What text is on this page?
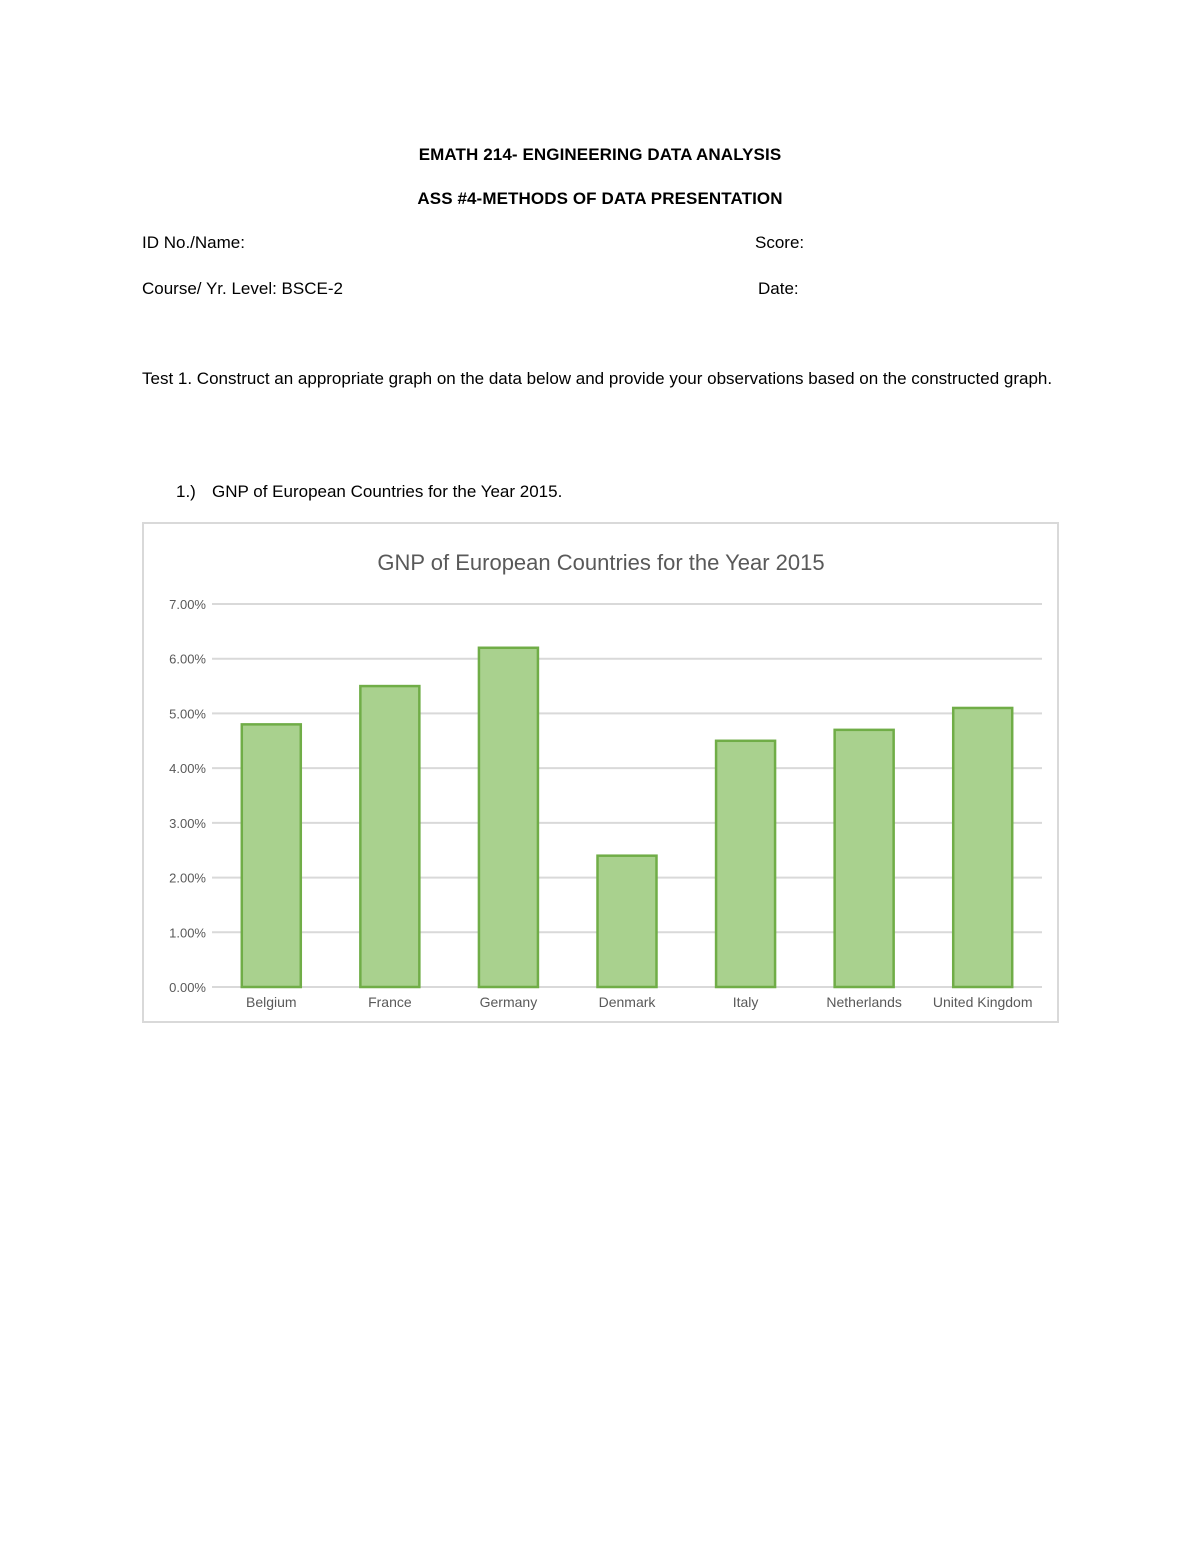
EMATH 214- ENGINEERING DATA ANALYSIS
ASS #4-METHODS OF DATA PRESENTATION
ID No./Name:	Score:
Course/ Yr. Level: BSCE-2	Date:
Test 1. Construct an appropriate graph on the data below and provide your observations based on the constructed graph.
1.) GNP of European Countries for the Year 2015.
GNP of European Countries for the Year 2015
0.00%
1.00%
2.00%
3.00%
4.00%
5.00%
6.00%
7.00%
Belgium	France	Germany	Denmark	Italy	Netherlands United Kingdom
